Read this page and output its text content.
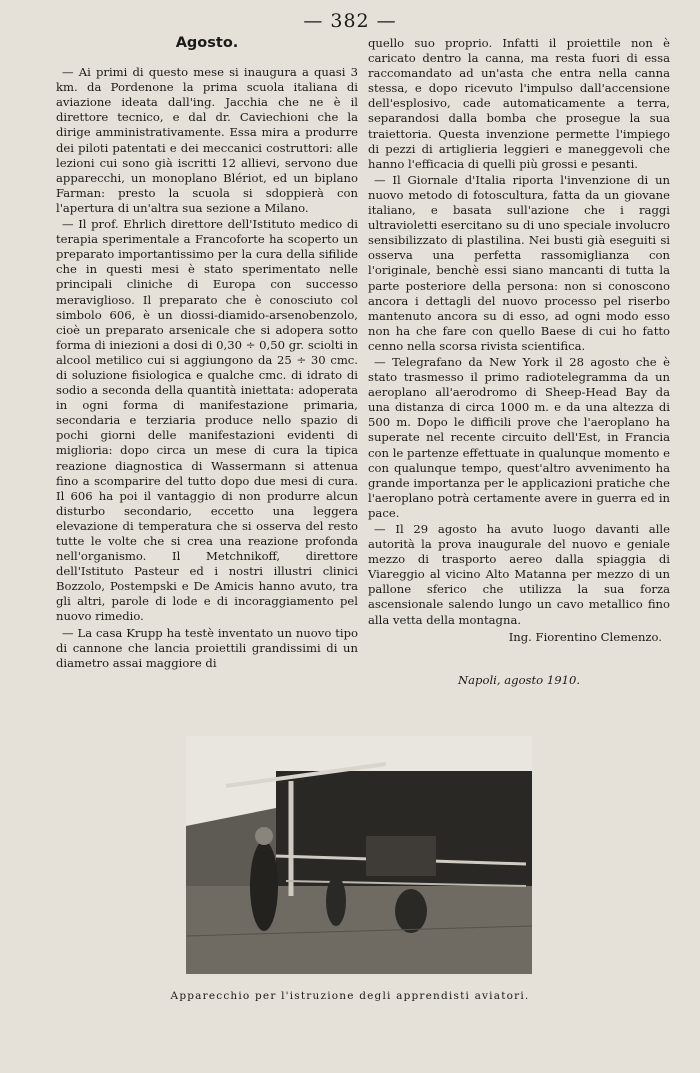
— 382 —
Agosto.

— Ai primi di questo mese si inaugura a quasi 3 km. da Pordenone la prima scuola italiana di aviazione ideata dall'ing. Jacchia che ne è il direttore tecnico, e dal dr. Caviechioni che la dirige amministrativamente. Essa mira a produrre dei piloti patentati e dei meccanici costruttori: alle lezioni cui sono già iscritti 12 allievi, servono due apparecchi, un monoplano Blériot, ed un biplano Farman: presto la scuola si sdoppierà con l'apertura di un'altra sua sezione a Milano.

— Il prof. Ehrlich direttore dell'Istituto medico di terapia sperimentale a Francoforte ha scoperto un preparato importantissimo per la cura della sifilide che in questi mesi è stato sperimentato nelle principali cliniche di Europa con successo meraviglioso. Il preparato che è conosciuto col simbolo 606, è un diossi-diamido-arsenobenzolo, cioè un preparato arsenicale che si adopera sotto forma di iniezioni a dosi di 0,30 ÷ 0,50 gr. sciolti in alcool metilico cui si aggiungono da 25 ÷ 30 cmc. di soluzione fisiologica e qualche cmc. di idrato di sodio a seconda della quantità iniettata: adoperata in ogni forma di manifestazione primaria, secondaria e terziaria produce nello spazio di pochi giorni delle manifestazioni evidenti di miglioria: dopo circa un mese di cura la tipica reazione diagnostica di Wassermann si attenua fino a scomparire del tutto dopo due mesi di cura. Il 606 ha poi il vantaggio di non produrre alcun disturbo secondario, eccetto una leggera elevazione di temperatura che si osserva del resto tutte le volte che si crea una reazione profonda nell'organismo. Il Metchnikoff, direttore dell'Istituto Pasteur ed i nostri illustri clinici Bozzolo, Postempski e De Amicis hanno avuto, tra gli altri, parole di lode e di incoraggiamento pel nuovo rimedio.

— La casa Krupp ha testè inventato un nuovo tipo di cannone che lancia proiettili grandissimi di un diametro assai maggiore di

quello suo proprio. Infatti il proiettile non è caricato dentro la canna, ma resta fuori di essa raccomandato ad un'asta che entra nella canna stessa, e dopo ricevuto l'impulso dall'accensione dell'esplosivo, cade automaticamente a terra, separandosi dalla bomba che prosegue la sua traiettoria. Questa invenzione permette l'impiego di pezzi di artiglieria leggieri e maneggevoli che hanno l'efficacia di quelli più grossi e pesanti.

— Il Giornale d'Italia riporta l'invenzione di un nuovo metodo di fotoscultura, fatta da un giovane italiano, e basata sull'azione che i raggi ultravioletti esercitano su di uno speciale involucro sensibilizzato di plastilina. Nei busti già eseguiti si osserva una perfetta rassomiglianza con l'originale, benchè essi siano mancanti di tutta la parte posteriore della persona: non si conoscono ancora i dettagli del nuovo processo pel riserbo mantenuto ancora su di esso, ad ogni modo esso non ha che fare con quello Baese di cui ho fatto cenno nella scorsa rivista scientifica.

— Telegrafano da New York il 28 agosto che è stato trasmesso il primo radiotelegramma da un aeroplano all'aerodromo di Sheep-Head Bay da una distanza di circa 1000 m. e da una altezza di 500 m. Dopo le difficili prove che l'aeroplano ha superate nel recente circuito dell'Est, in Francia con le partenze effettuate in qualunque momento e con qualunque tempo, quest'altro avvenimento ha grande importanza per le applicazioni pratiche che l'aeroplano potrà certamente avere in guerra ed in pace.

— Il 29 agosto ha avuto luogo davanti alle autorità la prova inaugurale del nuovo e geniale mezzo di trasporto aereo dalla spiaggia di Viareggio al vicino Alto Matanna per mezzo di un pallone sferico che utilizza la sua forza ascensionale salendo lungo un cavo metallico fino alla vetta della montagna.

Ing. Fiorentino Clemenzo.
Napoli, agosto 1910.
Apparecchio per l'istruzione degli apprendisti aviatori.
